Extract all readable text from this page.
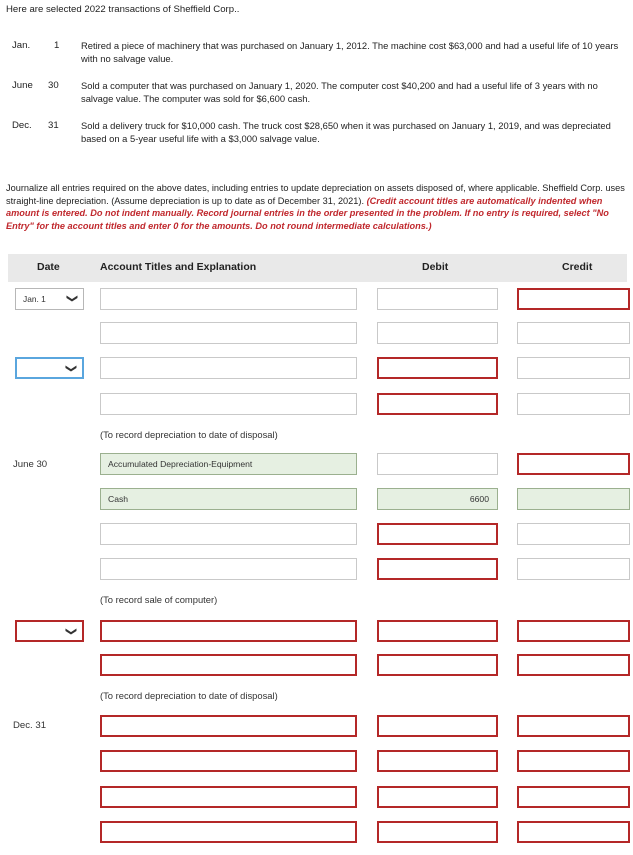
Here are selected 2022 transactions of Sheffield Corp..
Jan. 1 Retired a piece of machinery that was purchased on January 1, 2012. The machine cost $63,000 and had a useful life of 10 years with no salvage value.
June 30 Sold a computer that was purchased on January 1, 2020. The computer cost $40,200 and had a useful life of 3 years with no salvage value. The computer was sold for $6,600 cash.
Dec. 31 Sold a delivery truck for $10,000 cash. The truck cost $28,650 when it was purchased on January 1, 2019, and was depreciated based on a 5-year useful life with a $3,000 salvage value.
Journalize all entries required on the above dates, including entries to update depreciation on assets disposed of, where applicable. Sheffield Corp. uses straight-line depreciation. (Assume depreciation is up to date as of December 31, 2021). (Credit account titles are automatically indented when amount is entered. Do not indent manually. Record journal entries in the order presented in the problem. If no entry is required, select "No Entry" for the account titles and enter 0 for the amounts. Do not round intermediate calculations.)
Date	Account Titles and Explanation	Debit	Credit
Jan. 1 ❯
❯
(To record depreciation to date of disposal)
June 30	Accumulated Depreciation-Equipment
Cash	6600
(To record sale of computer)
❯
(To record depreciation to date of disposal)
Dec. 31
